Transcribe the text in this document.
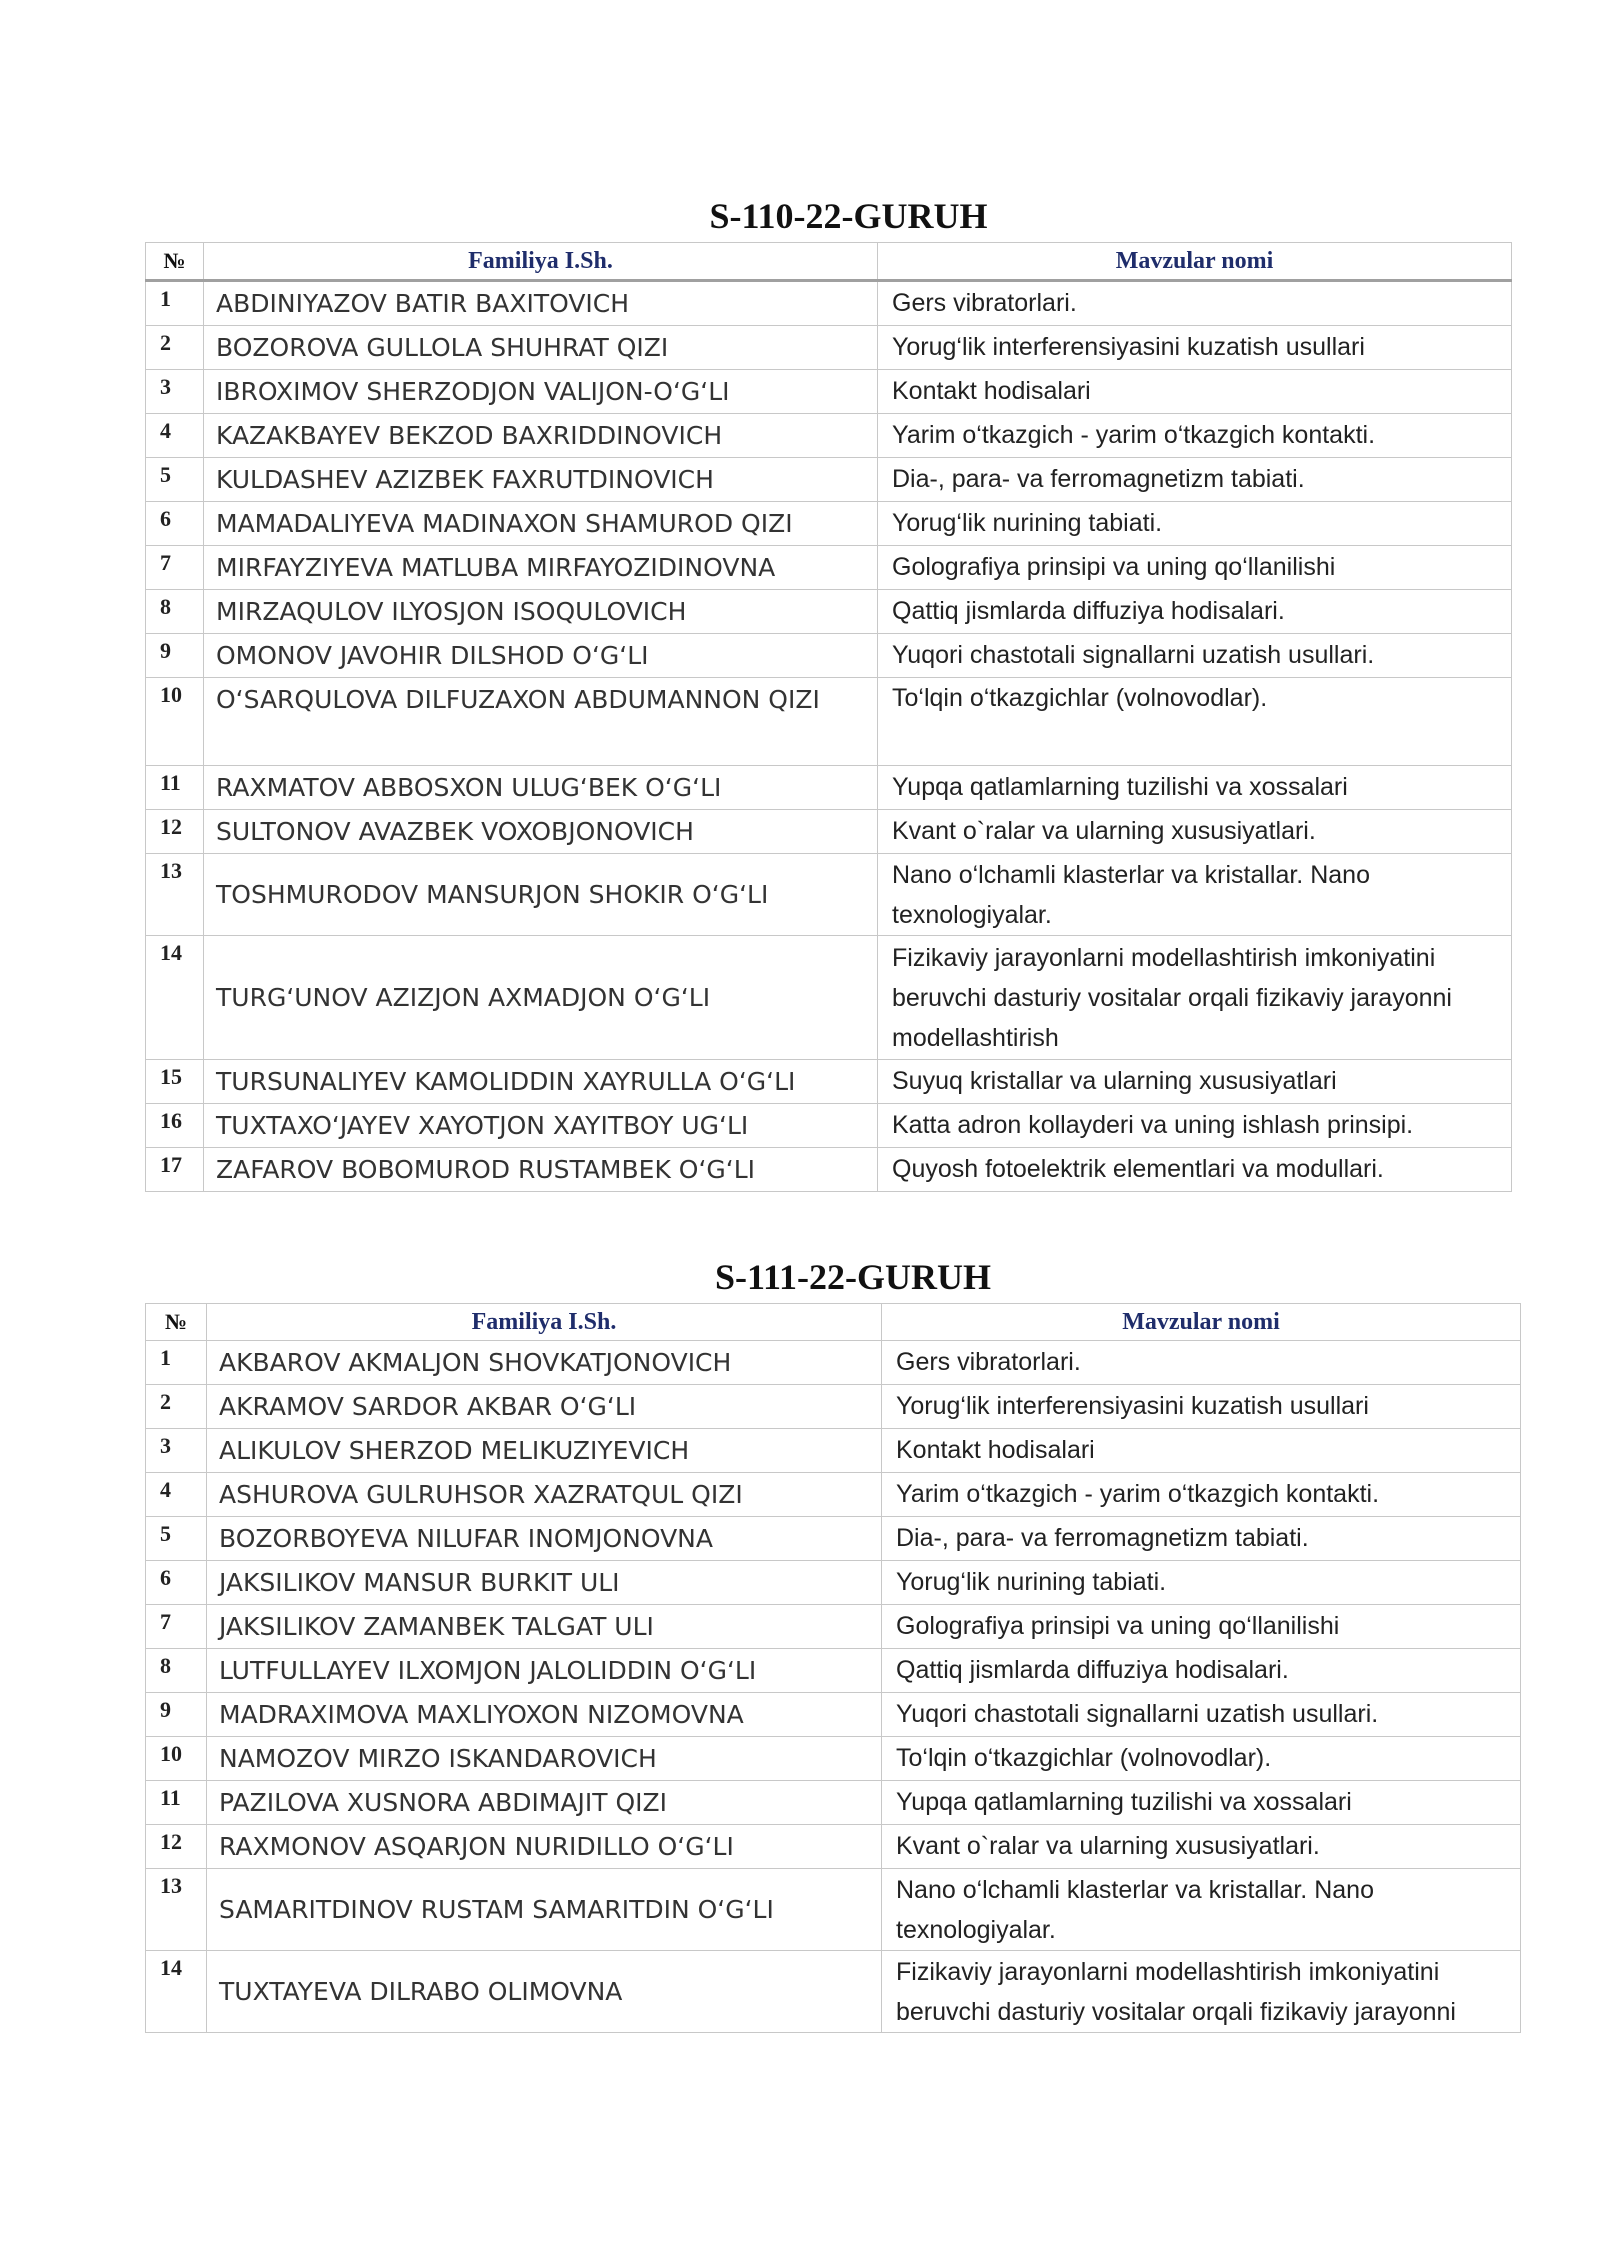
S-110-22-GURUH
№	Familiya I.Sh.	Mavzular nomi
1	ABDINIYAZOV BATIR BAXITOVICH	Gers vibratorlari.
2	BOZOROVA GULLOLA SHUHRAT QIZI	Yorug‘lik interferensiyasini kuzatish usullari
3	IBROXIMOV SHERZODJON VALIJON-O‘G‘LI	Kontakt hodisalari
4	KAZAKBAYEV BEKZOD BAXRIDDINOVICH	Yarim o‘tkazgich - yarim o‘tkazgich kontakti.
5	KULDASHEV AZIZBEK FAXRUTDINOVICH	Dia-, para- va ferromagnetizm tabiati.
6	MAMADALIYEVA MADINAXON SHAMUROD QIZI	Yorug‘lik nurining tabiati.
7	MIRFAYZIYEVA MATLUBA MIRFAYOZIDINOVNA	Golografiya prinsipi va uning qo‘llanilishi
8	MIRZAQULOV ILYOSJON ISOQULOVICH	Qattiq jismlarda diffuziya hodisalari.
9	OMONOV JAVOHIR DILSHOD O‘G‘LI	Yuqori chastotali signallarni uzatish usullari.
10	O‘SARQULOVA DILFUZAXON ABDUMANNON QIZI	To‘lqin o‘tkazgichlar (volnovodlar).
11	RAXMATOV ABBOSXON ULUG‘BEK O‘G‘LI	Yupqa qatlamlarning tuzilishi va xossalari
12	SULTONOV AVAZBEK VOXOBJONOVICH	Kvant o`ralar va ularning xususiyatlari.
13	TOSHMURODOV MANSURJON SHOKIR O‘G‘LI	Nano o‘lchamli klasterlar va kristallar. Nano texnologiyalar.
14	TURG‘UNOV AZIZJON AXMADJON O‘G‘LI	Fizikaviy jarayonlarni modellashtirish imkoniyatini beruvchi dasturiy vositalar orqali fizikaviy jarayonni modellashtirish
15	TURSUNALIYEV KAMOLIDDIN XAYRULLA O‘G‘LI	Suyuq kristallar va ularning xususiyatlari
16	TUXTAXO‘JAYEV XAYOTJON XAYITBOY UG‘LI	Katta adron kollayderi va uning ishlash prinsipi.
17	ZAFAROV BOBOMUROD RUSTAMBEK O‘G‘LI	Quyosh fotoelektrik elementlari va modullari.
S-111-22-GURUH
№	Familiya I.Sh.	Mavzular nomi
1	AKBAROV AKMALJON SHOVKATJONOVICH	Gers vibratorlari.
2	AKRAMOV SARDOR AKBAR O‘G‘LI	Yorug‘lik interferensiyasini kuzatish usullari
3	ALIKULOV SHERZOD MELIKUZIYEVICH	Kontakt hodisalari
4	ASHUROVA GULRUHSOR XAZRATQUL QIZI	Yarim o‘tkazgich - yarim o‘tkazgich kontakti.
5	BOZORBOYEVA NILUFAR INOMJONOVNA	Dia-, para- va ferromagnetizm tabiati.
6	JAKSILIKOV MANSUR BURKIT ULI	Yorug‘lik nurining tabiati.
7	JAKSILIKOV ZAMANBEK TALGAT ULI	Golografiya prinsipi va uning qo‘llanilishi
8	LUTFULLAYEV ILXOMJON JALOLIDDIN O‘G‘LI	Qattiq jismlarda diffuziya hodisalari.
9	MADRAXIMOVA MAXLIYOXON NIZOMOVNA	Yuqori chastotali signallarni uzatish usullari.
10	NAMOZOV MIRZO ISKANDAROVICH	To‘lqin o‘tkazgichlar (volnovodlar).
11	PAZILOVA XUSNORA ABDIMAJIT QIZI	Yupqa qatlamlarning tuzilishi va xossalari
12	RAXMONOV ASQARJON NURIDILLO O‘G‘LI	Kvant o`ralar va ularning xususiyatlari.
13	SAMARITDINOV RUSTAM SAMARITDIN O‘G‘LI	Nano o‘lchamli klasterlar va kristallar. Nano texnologiyalar.
14	TUXTAYEVA DILRABO OLIMOVNA	Fizikaviy jarayonlarni modellashtirish imkoniyatini beruvchi dasturiy vositalar orqali fizikaviy jarayonni
